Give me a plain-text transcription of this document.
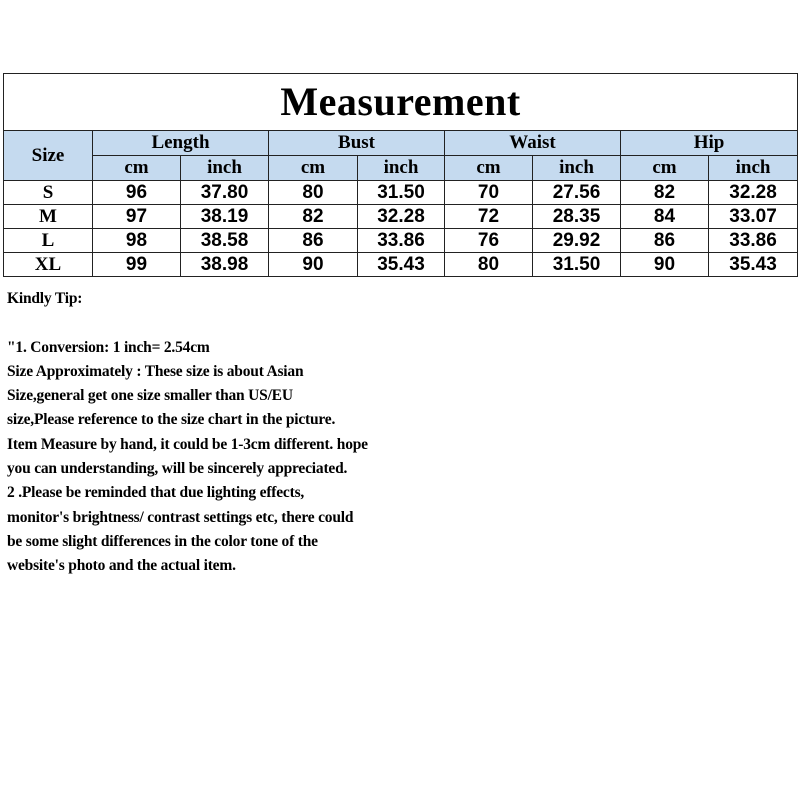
Measurement								
Size	Length		Bust		Waist		Hip	
	cm	inch	cm	inch	cm	inch	cm	inch
S	96	37.80	80	31.50	70	27.56	82	32.28
M	97	38.19	82	32.28	72	28.35	84	33.07
L	98	38.58	86	33.86	76	29.92	86	33.86
XL	99	38.98	90	35.43	80	31.50	90	35.43
Kindly Tip:
"1. Conversion: 1 inch= 2.54cm
Size Approximately : These size is about Asian
Size,general get one size smaller than US/EU
size,Please reference to the size chart in the picture.
Item Measure by hand, it could be 1-3cm different. hope
you can understanding, will be sincerely appreciated.
2 .Please be reminded that due lighting effects,
monitor's brightness/ contrast settings etc, there could
be some slight differences in the color tone of the
website's photo and the actual item.
